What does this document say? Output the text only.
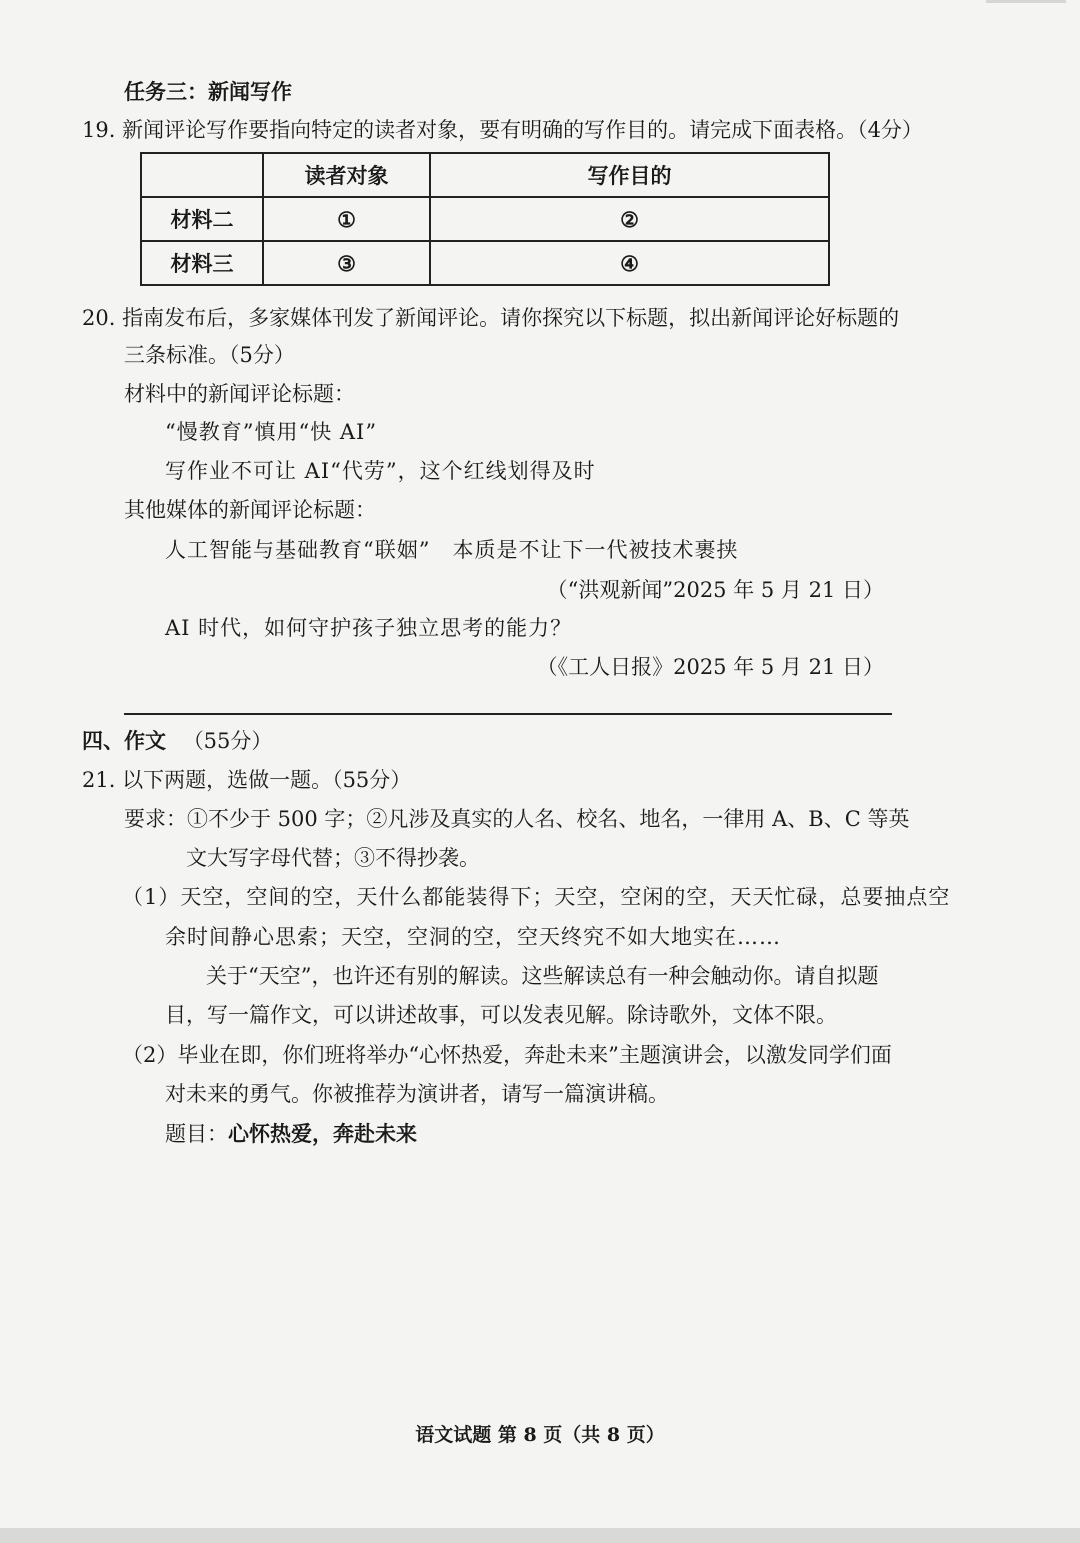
任务三：新闻写作
19. 新闻评论写作要指向特定的读者对象，要有明确的写作目的。请完成下面表格。（4分）
	读者对象	写作目的
材料二	①	②
材料三	③	④
20. 指南发布后，多家媒体刊发了新闻评论。请你探究以下标题，拟出新闻评论好标题的
三条标准。（5分）
材料中的新闻评论标题：
“慢教育”慎用“快 AI”
写作业不可让 AI“代劳”，这个红线划得及时
其他媒体的新闻评论标题：
人工智能与基础教育“联姻”　本质是不让下一代被技术裹挟
（“洪观新闻”2025 年 5 月 21 日）
AI 时代，如何守护孩子独立思考的能力？
（《工人日报》2025 年 5 月 21 日）
四、作文 （55分）
21. 以下两题，选做一题。（55分）
要求：①不少于 500 字；②凡涉及真实的人名、校名、地名，一律用 A、B、C 等英
文大写字母代替；③不得抄袭。
（1）天空，空间的空，天什么都能装得下；天空，空闲的空，天天忙碌，总要抽点空
余时间静心思索；天空，空洞的空，空天终究不如大地实在……
关于“天空”，也许还有别的解读。这些解读总有一种会触动你。请自拟题
目，写一篇作文，可以讲述故事，可以发表见解。除诗歌外，文体不限。
（2）毕业在即，你们班将举办“心怀热爱，奔赴未来”主题演讲会，以激发同学们面
对未来的勇气。你被推荐为演讲者，请写一篇演讲稿。
题目：心怀热爱，奔赴未来
语文试题 第 8 页（共 8 页）
